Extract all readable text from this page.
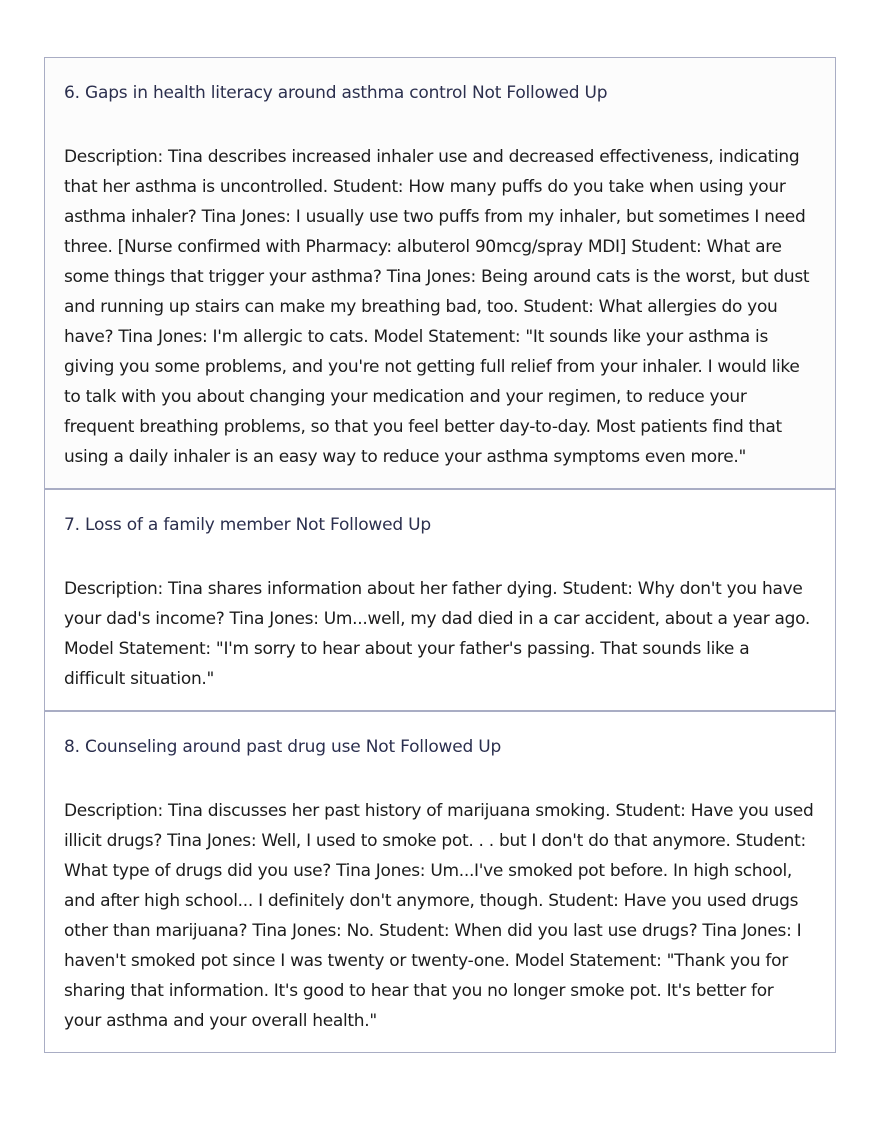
6. Gaps in health literacy around asthma control Not Followed Up
Description: Tina describes increased inhaler use and decreased effectiveness, indicating that her asthma is uncontrolled. Student: How many puffs do you take when using your asthma inhaler? Tina Jones: I usually use two puffs from my inhaler, but sometimes I need three. [Nurse confirmed with Pharmacy: albuterol 90mcg/spray MDI] Student: What are some things that trigger your asthma? Tina Jones: Being around cats is the worst, but dust and running up stairs can make my breathing bad, too. Student: What allergies do you have? Tina Jones: I'm allergic to cats. Model Statement: "It sounds like your asthma is giving you some problems, and you're not getting full relief from your inhaler. I would like to talk with you about changing your medication and your regimen, to reduce your frequent breathing problems, so that you feel better day-to-day. Most patients find that using a daily inhaler is an easy way to reduce your asthma symptoms even more."
7. Loss of a family member Not Followed Up
Description: Tina shares information about her father dying. Student: Why don't you have your dad's income? Tina Jones: Um...well, my dad died in a car accident, about a year ago. Model Statement: "I'm sorry to hear about your father's passing. That sounds like a difficult situation."
8. Counseling around past drug use Not Followed Up
Description: Tina discusses her past history of marijuana smoking. Student: Have you used illicit drugs? Tina Jones: Well, I used to smoke pot. . . but I don't do that anymore. Student: What type of drugs did you use? Tina Jones: Um...I've smoked pot before. In high school, and after high school... I definitely don't anymore, though. Student: Have you used drugs other than marijuana? Tina Jones: No. Student: When did you last use drugs? Tina Jones: I haven't smoked pot since I was twenty or twenty-one. Model Statement: "Thank you for sharing that information. It's good to hear that you no longer smoke pot. It's better for your asthma and your overall health."
